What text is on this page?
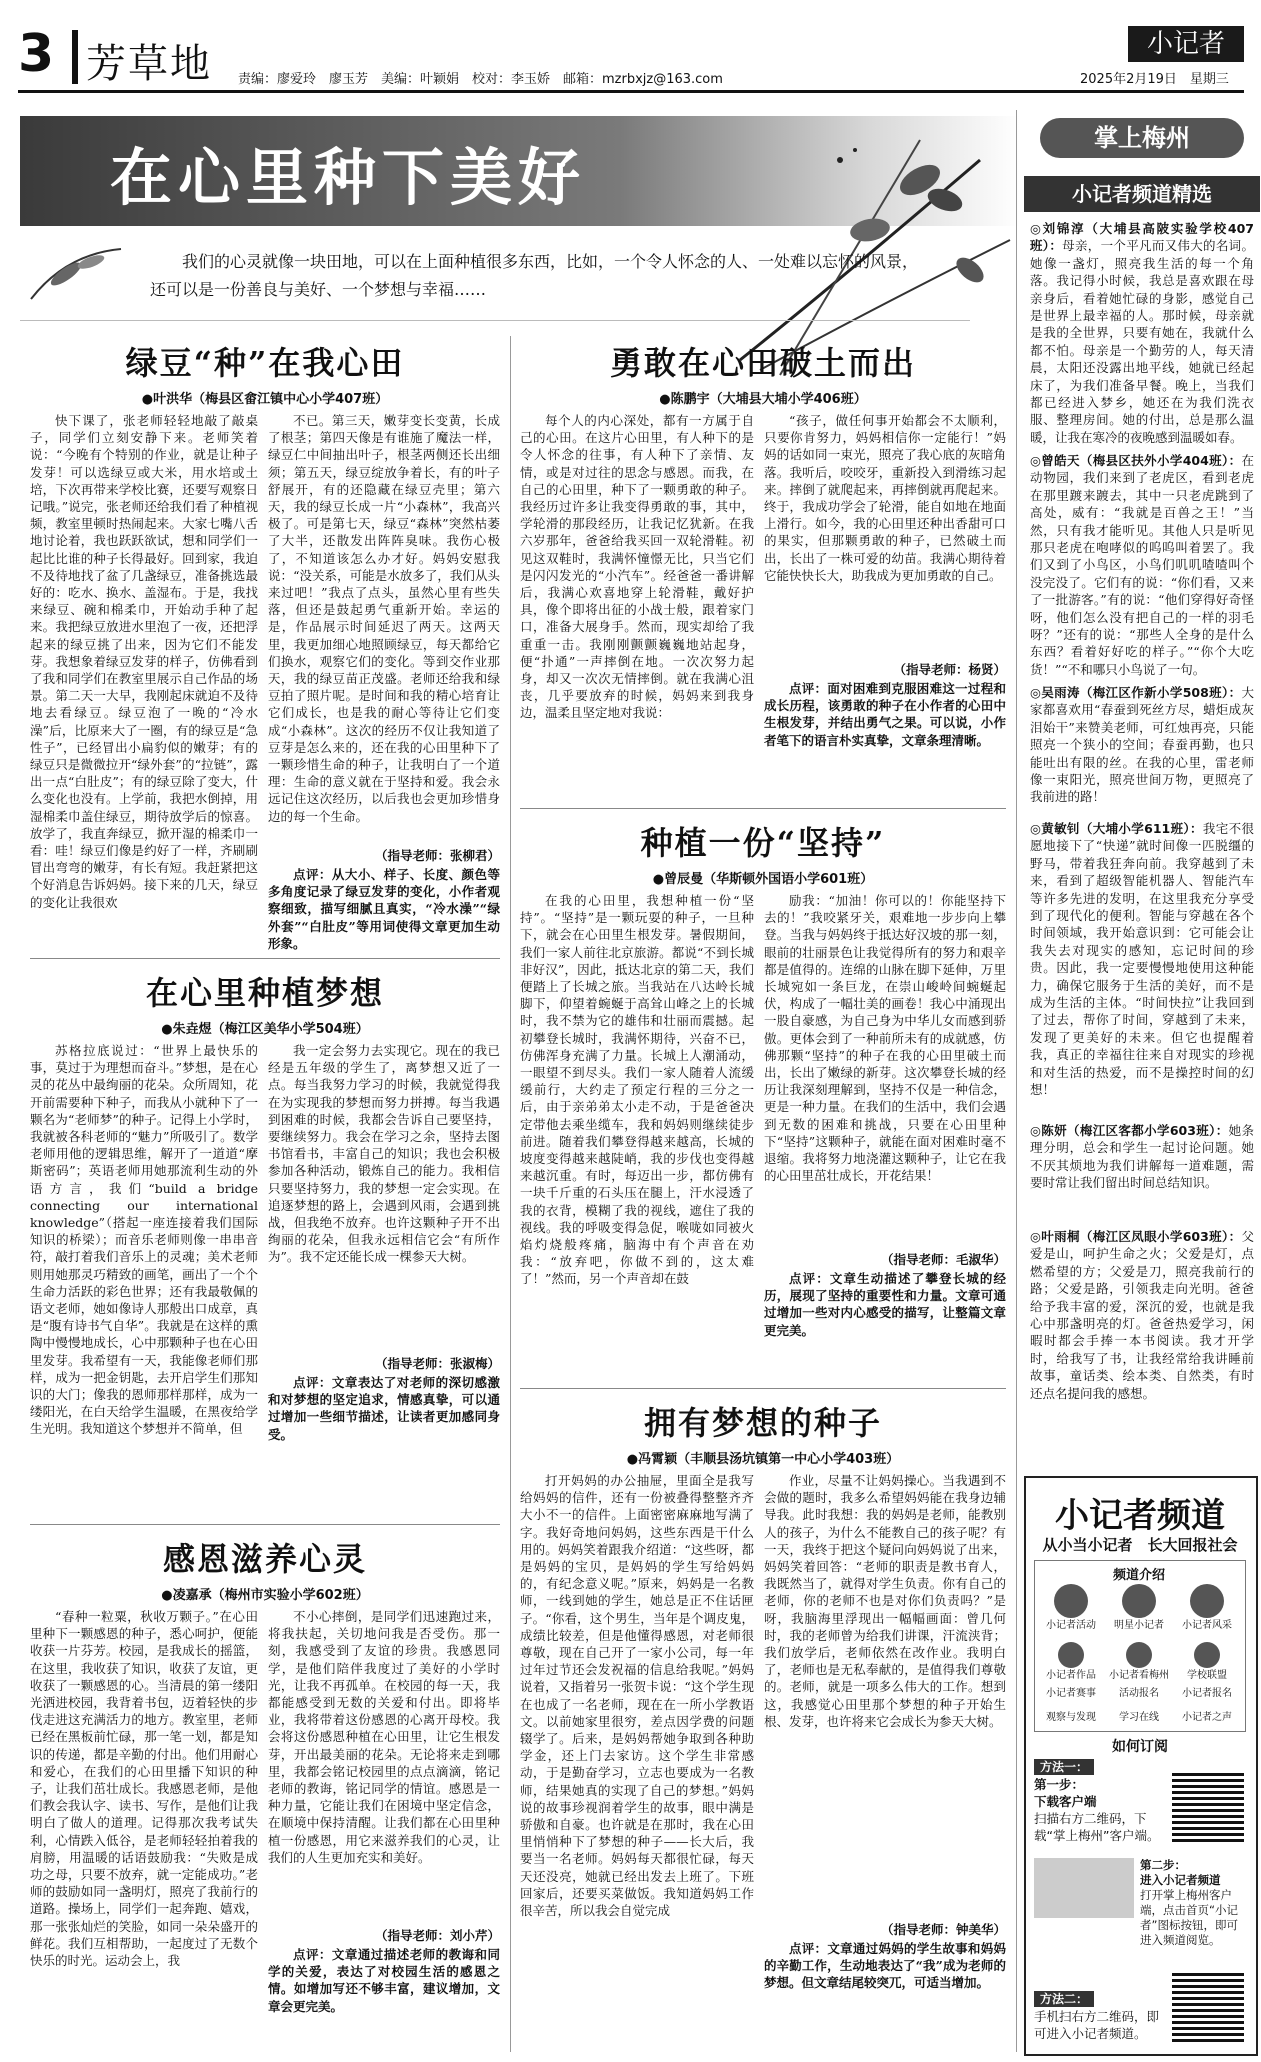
3 芳草地 责编：廖爱玲　廖玉芳　美编：叶颖娟　校对：李玉娇　邮箱：mzrbxjz@163.com
小记者
2025年2月19日　星期三
在心里种下美好
我们的心灵就像一块田地，可以在上面种植很多东西，比如，一个令人怀念的人、一处难以忘怀的风景，还可以是一份善良与美好、一个梦想与幸福……
绿豆“种”在我心田
●叶洪华（梅县区畲江镇中心小学407班）
快下课了，张老师轻轻地敲了敲桌子，同学们立刻安静下来。老师笑着说：“今晚有个特别的作业，就是让种子发芽！可以选绿豆或大米，用水培或土培，下次再带来学校比赛，还要写观察日记哦。”说完，张老师还给我们看了种植视频，教室里顿时热闹起来。大家七嘴八舌地讨论着，我也跃跃欲试，想和同学们一起比比谁的种子长得最好。回到家，我迫不及待地找了盆了几盏绿豆，准备挑选最好的：吃水、换水、盖湿布。于是，我找来绿豆、碗和棉柔巾，开始动手种了起来。我把绿豆放进水里泡了一夜，还把浮起来的绿豆挑了出来，因为它们不能发芽。我想象着绿豆发芽的样子，仿佛看到了我和同学们在教室里展示自己作品的场景。第二天一大早，我刚起床就迫不及待地去看绿豆。绿豆泡了一晚的“冷水澡”后，比原来大了一圈，有的绿豆是“急性子”，已经冒出小扁豹似的嫩芽；有的绿豆只是微微拉开“绿外套”的“拉链”，露出一点“白肚皮”；有的绿豆除了变大，什么变化也没有。上学前，我把水倒掉，用湿棉柔巾盖住绿豆，期待放学后的惊喜。放学了，我直奔绿豆，掀开湿的棉柔巾一看：哇！绿豆们像是约好了一样，齐刷刷冒出弯弯的嫩芽，有长有短。我赶紧把这个好消息告诉妈妈。接下来的几天，绿豆的变化让我很欢
不已。第三天，嫩芽变长变黄，长成了根茎；第四天像是有谁施了魔法一样，绿豆仁中间抽出叶子，根茎两侧还长出细须；第五天，绿豆绽放争着长，有的叶子舒展开，有的还隐藏在绿豆壳里；第六天，我的绿豆长成一片“小森林”，我高兴极了。可是第七天，绿豆“森林”突然枯萎了大半，还散发出阵阵臭味。我伤心极了，不知道该怎么办才好。妈妈安慰我说：“没关系，可能是水放多了，我们从头来过吧！”我点了点头，虽然心里有些失落，但还是鼓起勇气重新开始。幸运的是，作品展示时间延迟了两天。这两天里，我更加细心地照顾绿豆，每天都给它们换水，观察它们的变化。等到交作业那天，我的绿豆苗正茂盛。老师还给我和绿豆拍了照片呢。是时间和我的精心培育让它们成长，也是我的耐心等待让它们变成“小森林”。这次的经历不仅让我知道了豆芽是怎么来的，还在我的心田里种下了一颗珍惜生命的种子，让我明白了一个道理：生命的意义就在于坚持和爱。我会永远记住这次经历，以后我也会更加珍惜身边的每一个生命。
（指导老师：张柳君）
点评：从大小、样子、长度、颜色等多角度记录了绿豆发芽的变化，小作者观察细致，描写细腻且真实，“冷水澡”“绿外套”“白肚皮”等用词使得文章更加生动形象。
在心里种植梦想
●朱垚煜（梅江区美华小学504班）
苏格拉底说过：“世界上最快乐的事，莫过于为理想而奋斗。”梦想，是在心灵的花丛中最绚丽的花朵。众所周知，花开前需要种下种子，而我从小就种下了一颗名为“老师梦”的种子。记得上小学时，我就被各科老师的“魅力”所吸引了。数学老师用他的逻辑思维，解开了一道道“摩斯密码”；英语老师用她那流利生动的外语方言，我们“build a bridge connecting our international knowledge”（搭起一座连接着我们国际知识的桥梁）；而音乐老师则像一串串音符，敲打着我们音乐上的灵魂；美术老师则用她那灵巧精致的画笔，画出了一个个生命力活跃的彩色世界；还有我最敬佩的语文老师，她如像诗人那般出口成章，真是“腹有诗书气自华”。我就是在这样的熏陶中慢慢地成长，心中那颗种子也在心田里发芽。我希望有一天，我能像老师们那样，成为一把金钥匙，去开启学生们那知识的大门；像我的恩师那样那样，成为一缕阳光，在白天给学生温暖，在黑夜给学生光明。我知道这个梦想并不简单，但
我一定会努力去实现它。现在的我已经是五年级的学生了，离梦想又近了一点。每当我努力学习的时候，我就觉得我在为实现我的梦想而努力拼搏。每当我遇到困难的时候，我都会告诉自己要坚持，要继续努力。我会在学习之余，坚持去图书馆看书，丰富自己的知识；我也会积极参加各种活动，锻炼自己的能力。我相信只要坚持努力，我的梦想一定会实现。在追逐梦想的路上，会遇到风雨，会遇到挑战，但我绝不放弃。也许这颗种子开不出绚丽的花朵，但我永远相信它会“有所作为”。我不定还能长成一棵参天大树。
（指导老师：张淑梅）
点评：文章表达了对老师的深切感激和对梦想的坚定追求，情感真挚，可以通过增加一些细节描述，让读者更加感同身受。
感恩滋养心灵
●凌嘉承（梅州市实验小学602班）
“春种一粒粟，秋收万颗子。”在心田里种下一颗感恩的种子，悉心呵护，便能收获一片芬芳。校园，是我成长的摇篮，在这里，我收获了知识，收获了友谊，更收获了一颗感恩的心。当清晨的第一缕阳光洒进校园，我背着书包，迈着轻快的步伐走进这充满活力的地方。教室里，老师已经在黑板前忙碌，那一笔一划，都是知识的传递，都是辛勤的付出。他们用耐心和爱心，在我们的心田里播下知识的种子，让我们茁壮成长。我感恩老师，是他们教会我认字、读书、写作，是他们让我明白了做人的道理。记得那次我考试失利，心情跌入低谷，是老师轻轻拍着我的肩膀，用温暖的话语鼓励我：“失败是成功之母，只要不放弃，就一定能成功。”老师的鼓励如同一盏明灯，照亮了我前行的道路。操场上，同学们一起奔跑、嬉戏，那一张张灿烂的笑脸，如同一朵朵盛开的鲜花。我们互相帮助，一起度过了无数个快乐的时光。运动会上，我
不小心摔倒，是同学们迅速跑过来，将我扶起，关切地问我是否受伤。那一刻，我感受到了友谊的珍贵。我感恩同学，是他们陪伴我度过了美好的小学时光，让我不再孤单。在校园的每一天，我都能感受到无数的关爱和付出。即将毕业，我将带着这份感恩的心离开母校。我会将这份感恩种植在心田里，让它生根发芽，开出最美丽的花朵。无论将来走到哪里，我都会铭记校园里的点点滴滴，铭记老师的教诲，铭记同学的情谊。感恩是一种力量，它能让我们在困境中坚定信念，在顺境中保持清醒。让我们都在心田里种植一份感恩，用它来滋养我们的心灵，让我们的人生更加充实和美好。
（指导老师：刘小芹）
点评：文章通过描述老师的教诲和同学的关爱，表达了对校园生活的感恩之情。如增加写还不够丰富，建议增加，文章会更完美。
勇敢在心田破土而出
●陈鹏宇（大埔县大埔小学406班）
每个人的内心深处，都有一方属于自己的心田。在这片心田里，有人种下的是令人怀念的往事，有人种下了亲情、友情，或是对过往的思念与感恩。而我，在自己的心田里，种下了一颗勇敢的种子。我经历过许多让我变得勇敢的事，其中，学轮滑的那段经历，让我记忆犹新。在我六岁那年，爸爸给我买回一双轮滑鞋。初见这双鞋时，我满怀憧憬无比，只当它们是闪闪发光的“小汽车”。经爸爸一番讲解后，我满心欢喜地穿上轮滑鞋，戴好护具，像个即将出征的小战士般，跟着家门口，准备大展身手。然而，现实却给了我重重一击。我刚刚颤颤巍巍地站起身，便“扑通”一声摔倒在地。一次次努力起身，却又一次次无情摔倒。就在我满心沮丧，几乎要放弃的时候，妈妈来到我身边，温柔且坚定地对我说：
“孩子，做任何事开始都会不太顺利，只要你肯努力，妈妈相信你一定能行！”妈妈的话如同一束光，照亮了我心底的灰暗角落。我听后，咬咬牙，重新投入到滑练习起来。摔倒了就爬起来，再摔倒就再爬起来。终于，我成功学会了轮滑，能自如地在地面上滑行。如今，我的心田里还种出香甜可口的果实，但那颗勇敢的种子，已然破土而出，长出了一株可爱的幼苗。我满心期待着它能快快长大，助我成为更加勇敢的自己。
（指导老师：杨贤）
点评：面对困难到克服困难这一过程和成长历程，该勇敢的种子在小作者的心田中生根发芽，并结出勇气之果。可以说，小作者笔下的语言朴实真挚，文章条理清晰。
种植一份“坚持”
●曾辰曼（华斯顿外国语小学601班）
在我的心田里，我想种植一份“坚持”。“坚持”是一颗玩耍的种子，一旦种下，就会在心田里生根发芽。暑假期间，我们一家人前往北京旅游。都说“不到长城非好汉”，因此，抵达北京的第二天，我们便踏上了长城之旅。当我站在八达岭长城脚下，仰望着蜿蜒于高耸山峰之上的长城时，我不禁为它的雄伟和壮丽而震撼。起初攀登长城时，我满怀期待，兴奋不已，仿佛浑身充满了力量。长城上人潮涌动，一眼望不到尽头。我们一家人随着人流缓缓前行，大约走了预定行程的三分之一后，由于亲弟弟太小走不动，于是爸爸决定带他去乘坐缆车，我和妈妈则继续徒步前进。随着我们攀登得越来越高，长城的坡度变得越来越陡峭，我的步伐也变得越来越沉重。有时，每迈出一步，都仿佛有一块千斤重的石头压在腿上，汗水浸透了我的衣背，模糊了我的视线，遮住了我的视线。我的呼吸变得急促，喉咙如同被火焰灼烧般疼痛，脑海中有个声音在劝我：“放弃吧，你做不到的，这太难了！”然而，另一个声音却在鼓
励我：“加油！你可以的！你能坚持下去的！”我咬紧牙关，艰难地一步步向上攀登。当我与妈妈终于抵达好汉坡的那一刻，眼前的壮丽景色让我觉得所有的努力和艰辛都是值得的。连绵的山脉在脚下延伸，万里长城宛如一条巨龙，在崇山峻岭间蜿蜒起伏，构成了一幅壮美的画卷！我心中涌现出一股自豪感，为自己身为中华儿女而感到骄傲。更体会到了一种前所未有的成就感，仿佛那颗“坚持”的种子在我的心田里破土而出，长出了嫩绿的新芽。这次攀登长城的经历让我深刻理解到，坚持不仅是一种信念，更是一种力量。在我们的生活中，我们会遇到无数的困难和挑战，只要在心田里种下“坚持”这颗种子，就能在面对困难时毫不退缩。我将努力地浇灌这颗种子，让它在我的心田里茁壮成长，开花结果！
（指导老师：毛淑华）
点评：文章生动描述了攀登长城的经历，展现了坚持的重要性和力量。文章可通过增加一些对内心感受的描写，让整篇文章更完美。
拥有梦想的种子
●冯霄颖（丰顺县汤坑镇第一中心小学403班）
打开妈妈的办公抽屉，里面全是我写给妈妈的信件，还有一份被叠得整整齐齐大小不一的信件。上面密密麻麻地写满了字。我好奇地问妈妈，这些东西是干什么用的。妈妈笑着跟我介绍道：“这些呀，都是妈妈的宝贝，是妈妈的学生写给妈妈的，有纪念意义呢。”原来，妈妈是一名教师，一线到她的学生，她总是正不住话匣子。“你看，这个男生，当年是个调皮鬼，成绩比较差，但是他懂得感恩，对老师很尊敬，现在自己开了一家小公司，每一年过年过节还会发祝福的信息给我呢。”妈妈说着，又指着另一张贺卡说：“这个学生现在也成了一名老师，现在在一所小学教语文。以前她家里很穷，差点因学费的问题辍学了。后来，是妈妈帮她争取到各种助学金，还上门去家访。这个学生非常感动，于是勤奋学习，立志也要成为一名教师，结果她真的实现了自己的梦想。”妈妈说的故事珍视润着学生的故事，眼中满是骄傲和自豪。也许就是在那时，我在心田里悄悄种下了梦想的种子——长大后，我要当一名老师。妈妈每天都很忙碌，每天天还没亮，她就已经出发去上班了。下班回家后，还要买菜做饭。我知道妈妈工作很辛苦，所以我会自觉完成
作业，尽量不让妈妈操心。当我遇到不会做的题时，我多么希望妈妈能在我身边辅导我。此时我想：我的妈妈是老师，能教别人的孩子，为什么不能教自己的孩子呢？有一天，我终于把这个疑问向妈妈说了出来，妈妈笑着回答：“老师的职责是教书育人，我既然当了，就得对学生负责。你有自己的老师，你的老师不也是对你们负责吗？”是呀，我脑海里浮现出一幅幅画面：曾几何时，我的老师曾为给我们讲课，汗流浃背；我们放学后，老师依然在改作业。我明白了，老师也是无私奉献的，是值得我们尊敬的。老师，就是一项多么伟大的工作。想到这，我感觉心田里那个梦想的种子开始生根、发芽，也许将来它会成长为参天大树。
（指导老师：钟美华）
点评：文章通过妈妈的学生故事和妈妈的辛勤工作，生动地表达了“我”成为老师的梦想。但文章结尾较突兀，可适当增加。
掌上梅州
小记者频道精选
◎刘锦淳（大埔县高陂实验学校407班）：母亲，一个平凡而又伟大的名词。她像一盏灯，照亮我生活的每一个角落。我记得小时候，我总是喜欢跟在母亲身后，看着她忙碌的身影，感觉自己是世界上最幸福的人。那时候，母亲就是我的全世界，只要有她在，我就什么都不怕。母亲是一个勤劳的人，每天清晨，太阳还没露出地平线，她就已经起床了，为我们准备早餐。晚上，当我们都已经进入梦乡，她还在为我们洗衣服、整理房间。她的付出，总是那么温暖，让我在寒冷的夜晚感到温暖如春。
◎曾皓天（梅县区扶外小学404班）：在动物园，我们来到了老虎区，看到老虎在那里踱来踱去，其中一只老虎跳到了高处，威有：“我就是百兽之王！”当然，只有我才能听见。其他人只是听见那只老虎在咆哮似的呜呜叫着罢了。我们又到了小鸟区，小鸟们叽叽喳喳叫个没完没了。它们有的说：“你们看，又来了一批游客。”有的说：“他们穿得好奇怪呀，他们怎么没有把自己的一样的羽毛呀？”还有的说：“那些人全身的是什么东西？看着好好吃的样子。”“你个大吃货！”“不和哪只小鸟说了一句。
◎吴雨涛（梅江区作新小学508班）：大家都喜欢用“春蚕到死丝方尽，蜡炬成灰泪始干”来赞美老师，可红烛再亮，只能照亮一个狭小的空间；春蚕再勤，也只能吐出有限的丝。在我的心里，雷老师像一束阳光，照亮世间万物，更照亮了我前进的路！
◎黄敏钊（大埔小学611班）：我宅不很愿地接下了“快递”就时间像一匹脱缰的野马，带着我狂奔向前。我穿越到了未来，看到了超级智能机器人、智能汽车等许多先进的发明，在这里我充分享受到了现代化的便利。智能与穿越在各个时间领域，我开始意识到：它可能会让我失去对现实的感知，忘记时间的珍贵。因此，我一定要慢慢地使用这种能力，确保它服务于生活的美好，而不是成为生活的主体。“时间快拉”让我回到了过去，帮你了时间，穿越到了未来，发现了更美好的未来。但它也提醒着我，真正的幸福往往来自对现实的珍视和对生活的热爱，而不是操控时间的幻想！
◎陈妍（梅江区客都小学603班）：她条理分明，总会和学生一起讨论问题。她不厌其烦地为我们讲解每一道难题，需要时常让我们留出时间总结知识。
◎叶雨桐（梅江区凤眼小学603班）：父爱是山，呵护生命之火；父爱是灯，点燃希望的方；父爱是刀，照亮我前行的路；父爱是路，引领我走向光明。爸爸给予我丰富的爱，深沉的爱，也就是我心中那盏明亮的灯。爸爸热爱学习，闲暇时都会手捧一本书阅读。我才开学时，给我写了书，让我经常给我讲睡前故事，童话类、绘本类、自然类，有时还点名提问我的感想。
小记者频道
从小当小记者　长大回报社会
频道介绍
小记者活动	明星小记者	小记者风采
小记者作品	小记者看梅州	学校联盟
小记者赛事	活动报名	小记者报名
观察与发现	学习在线	小记者之声
如何订阅
方法一：
第一步：
下载客户端
扫描右方二维码，下载“掌上梅州”客户端。
第二步：
进入小记者频道
打开掌上梅州客户端，点击首页“小记者”图标按钮，即可进入频道阅览。
方法二：
手机扫右方二维码，即可进入小记者频道。
